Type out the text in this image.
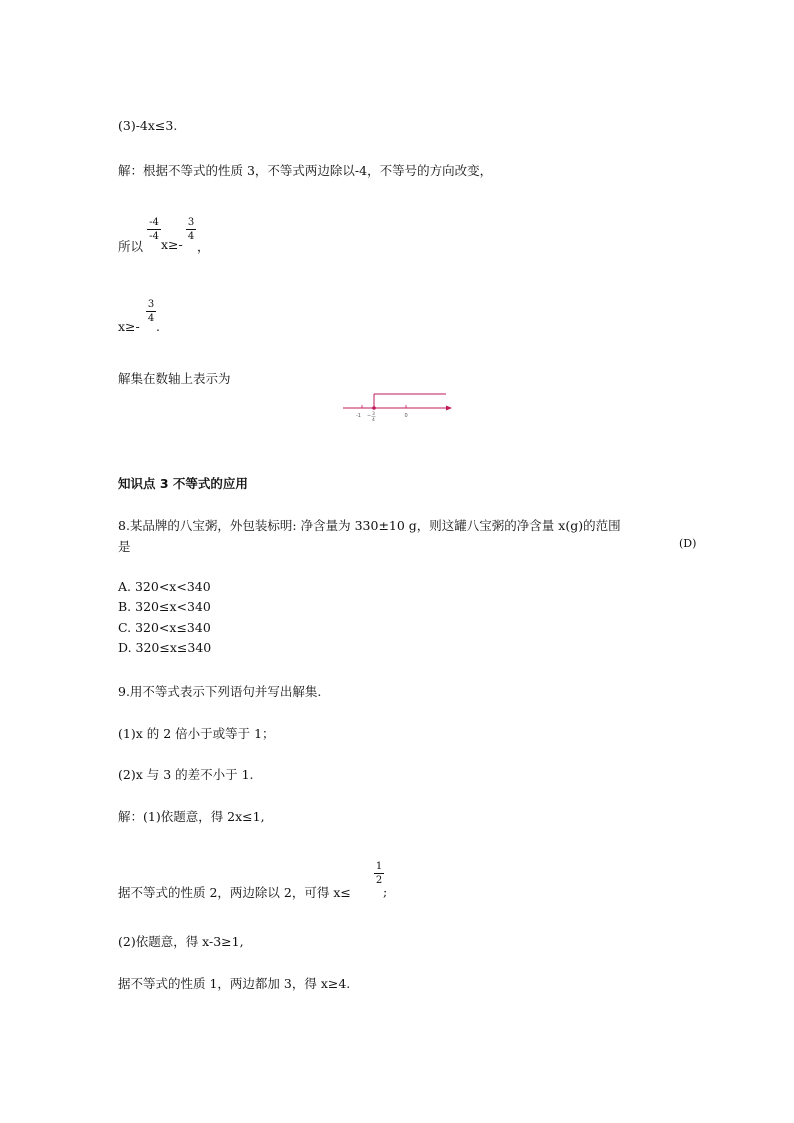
(3)-4x≤3.
解：根据不等式的性质 3，不等式两边除以-4，不等号的方向改变，
所以
-4
-4
x≥-
3
4
，
x≥-
3
4
.
解集在数轴上表示为
-1 − 3
4
0
知识点 3 不等式的应用
8.某品牌的八宝粥，外包装标明: 净含量为 330±10 g，则这罐八宝粥的净含量 x(g)的范围
是	(D)
A. 320<x<340
B. 320≤x<340
C. 320<x≤340
D. 320≤x≤340
9.用不等式表示下列语句并写出解集.
(1)x 的 2 倍小于或等于 1；
(2)x 与 3 的差不小于 1.
解：(1)依题意，得 2x≤1,
据不等式的性质 2，两边除以 2，可得 x≤
1
2
;
(2)依题意，得 x-3≥1,
据不等式的性质 1，两边都加 3，得 x≥4.
